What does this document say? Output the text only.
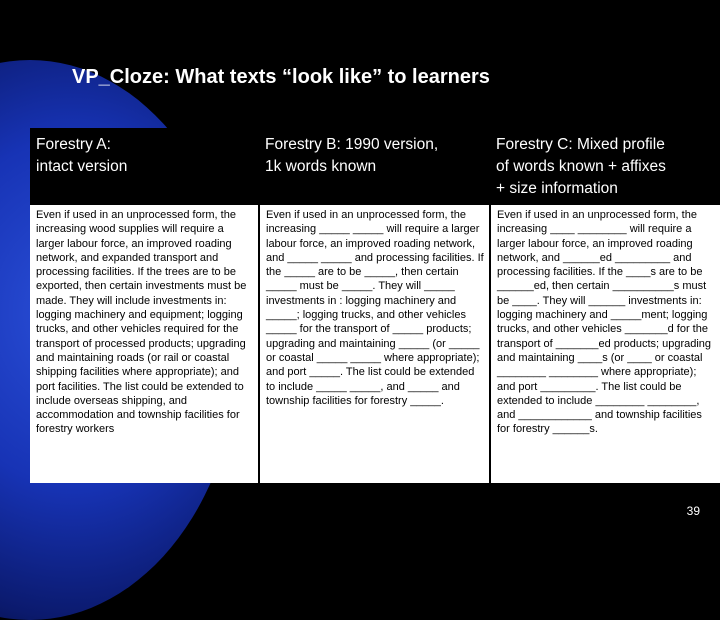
VP_Cloze: What texts “look like” to learners
Forestry A:
intact version
Forestry B: 1990 version,
1k words known
Forestry C: Mixed profile
of words known + affixes
+ size information
Even if used in an unprocessed form, the increasing wood supplies will require a larger labour force, an improved roading network, and expanded transport and processing facilities. If the trees are to be exported, then certain investments must be made. They will include investments in: logging machinery and equipment; logging trucks, and other vehicles required for the transport of processed products; upgrading and maintaining roads (or rail or coastal shipping facilities where appropriate); and port facilities. The list could be extended to include overseas shipping, and accommodation and township facilities for forestry workers
Even if used in an unprocessed form, the increasing _____ _____ will require a larger labour force, an improved roading network, and _____ _____ and processing facilities. If the _____ are to be _____, then certain _____ must be _____. They will _____ investments in : logging machinery and _____; logging trucks, and other vehicles _____ for the transport of _____ products; upgrading and maintaining _____ (or _____ or coastal _____ _____ where appropriate); and port _____. The list could be extended to include _____ _____, and _____ and township facilities for forestry _____.
Even if used in an unprocessed form, the increasing ____ ________ will require a larger labour force, an improved roading network, and ______ed _________ and processing facilities. If the ____s are to be ______ed, then certain __________s must be ____. They will ______ investments in: logging machinery and _____ment; logging trucks, and other vehicles _______d for the transport of _______ed products; upgrading and maintaining ____s (or ____ or coastal ________ ________ where appropriate); and port _________. The list could be extended to include ________ ________, and ____________ and township facilities for forestry ______s.
39
